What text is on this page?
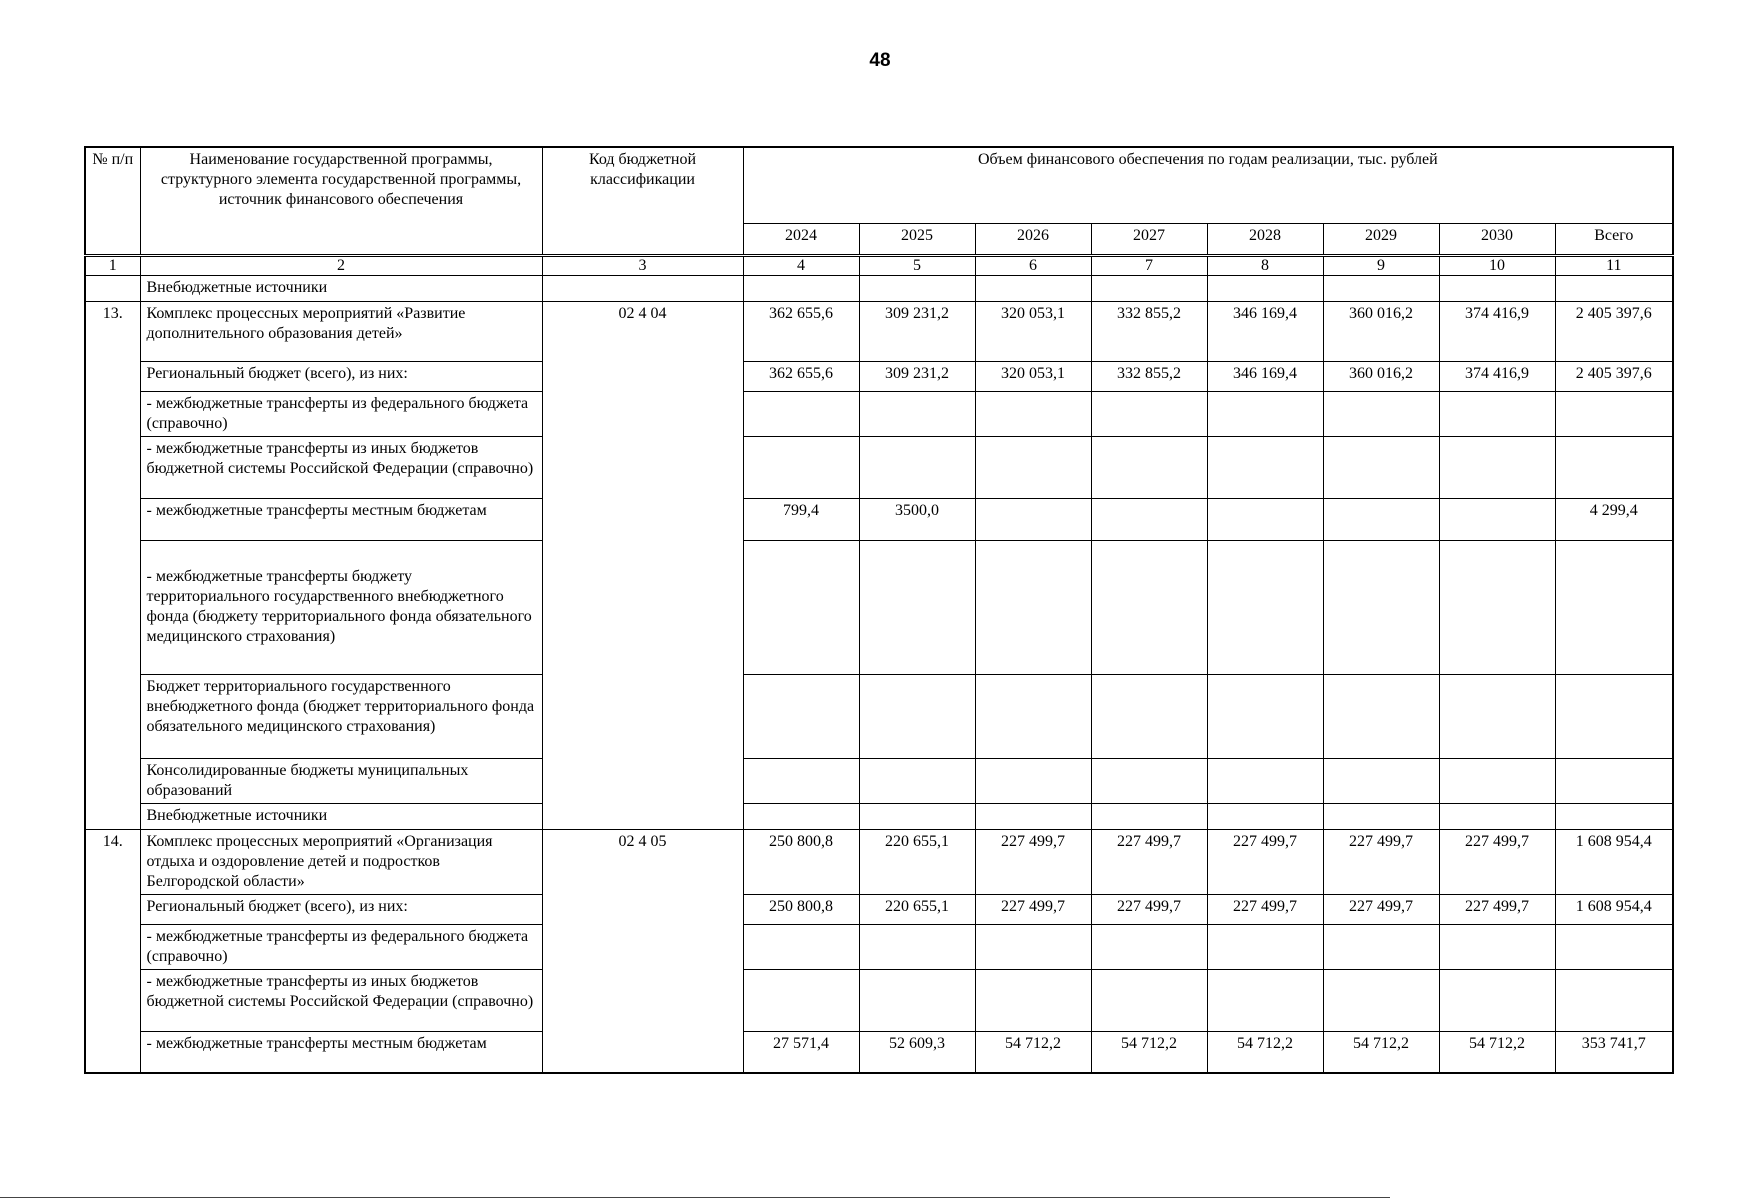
48
№ п/п	Наименование государственной программы, структурного элемента государственной программы, источник финансового обеспечения	Код бюджетной классификации	Объем финансового обеспечения по годам реализации, тыс. рублей							
			2024	2025	2026	2027	2028	2029	2030	Всего
1	2	3	4	5	6	7	8	9	10	11
	Внебюджетные источники									
13.	Комплекс процессных мероприятий «Развитие дополнительного образования детей»	02 4 04	362 655,6	309 231,2	320 053,1	332 855,2	346 169,4	360 016,2	374 416,9	2 405 397,6
	Региональный бюджет (всего), из них:		362 655,6	309 231,2	320 053,1	332 855,2	346 169,4	360 016,2	374 416,9	2 405 397,6
	- межбюджетные трансферты из федерального бюджета (справочно)									
	- межбюджетные трансферты из иных бюджетов бюджетной системы Российской Федерации (справочно)									
	- межбюджетные трансферты местным бюджетам		799,4	3500,0						4 299,4
	- межбюджетные трансферты бюджету территориального государственного внебюджетного фонда (бюджету территориального фонда обязательного медицинского страхования)									
	Бюджет территориального государственного внебюджетного фонда (бюджет территориального фонда обязательного медицинского страхования)									
	Консолидированные бюджеты муниципальных образований									
	Внебюджетные источники									
14.	Комплекс процессных мероприятий «Организация отдыха и оздоровление детей и подростков Белгородской области»	02 4 05	250 800,8	220 655,1	227 499,7	227 499,7	227 499,7	227 499,7	227 499,7	1 608 954,4
	Региональный бюджет (всего), из них:		250 800,8	220 655,1	227 499,7	227 499,7	227 499,7	227 499,7	227 499,7	1 608 954,4
	- межбюджетные трансферты из федерального бюджета (справочно)									
	- межбюджетные трансферты из иных бюджетов бюджетной системы Российской Федерации (справочно)									
	- межбюджетные трансферты местным бюджетам		27 571,4	52 609,3	54 712,2	54 712,2	54 712,2	54 712,2	54 712,2	353 741,7
